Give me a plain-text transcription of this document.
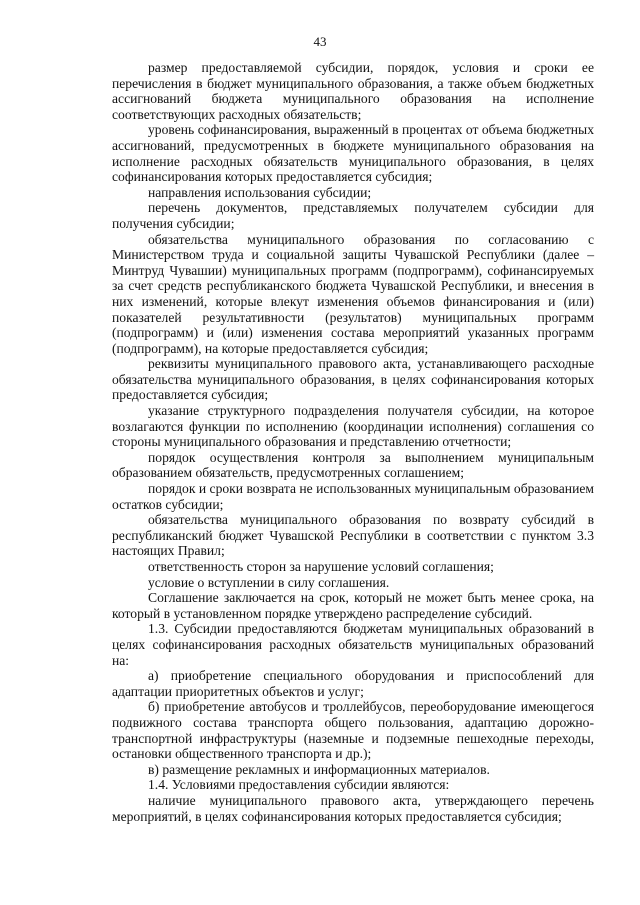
43

размер предоставляемой субсидии, порядок, условия и сроки ее перечисления в бюджет муниципального образования, а также объем бюджетных ассигнований бюджета муниципального образования на исполнение соответствующих расходных обязательств;

уровень софинансирования, выраженный в процентах от объема бюджетных ассигнований, предусмотренных в бюджете муниципального образования на исполнение расходных обязательств муниципального образования, в целях софинансирования которых предоставляется субсидия;

направления использования субсидии;

перечень документов, представляемых получателем субсидии для получения субсидии;

обязательства муниципального образования по согласованию с Министерством труда и социальной защиты Чувашской Республики (далее – Минтруд Чувашии) муниципальных программ (подпрограмм), софинансируемых за счет средств республиканского бюджета Чувашской Республики, и внесения в них изменений, которые влекут изменения объемов финансирования и (или) показателей результативности (результатов) муниципальных программ (подпрограмм) и (или) изменения состава мероприятий указанных программ (подпрограмм), на которые предоставляется субсидия;

реквизиты муниципального правового акта, устанавливающего расходные обязательства муниципального образования, в целях софинансирования которых предоставляется субсидия;

указание структурного подразделения получателя субсидии, на которое возлагаются функции по исполнению (координации исполнения) соглашения со стороны муниципального образования и представлению отчетности;

порядок осуществления контроля за выполнением муниципальным образованием обязательств, предусмотренных соглашением;

порядок и сроки возврата не использованных муниципальным образованием остатков субсидии;

обязательства муниципального образования по возврату субсидий в республиканский бюджет Чувашской Республики в соответствии с пунктом 3.3 настоящих Правил;

ответственность сторон за нарушение условий соглашения;

условие о вступлении в силу соглашения.

Соглашение заключается на срок, который не может быть менее срока, на который в установленном порядке утверждено распределение субсидий.

1.3. Субсидии предоставляются бюджетам муниципальных образований в целях софинансирования расходных обязательств муниципальных образований на:

а) приобретение специального оборудования и приспособлений для адаптации приоритетных объектов и услуг;

б) приобретение автобусов и троллейбусов, переоборудование имеющегося подвижного состава транспорта общего пользования, адаптацию дорожно-транспортной инфраструктуры (наземные и подземные пешеходные переходы, остановки общественного транспорта и др.);

в) размещение рекламных и информационных материалов.

1.4. Условиями предоставления субсидии являются:

наличие муниципального правового акта, утверждающего перечень мероприятий, в целях софинансирования которых предоставляется субсидия;
